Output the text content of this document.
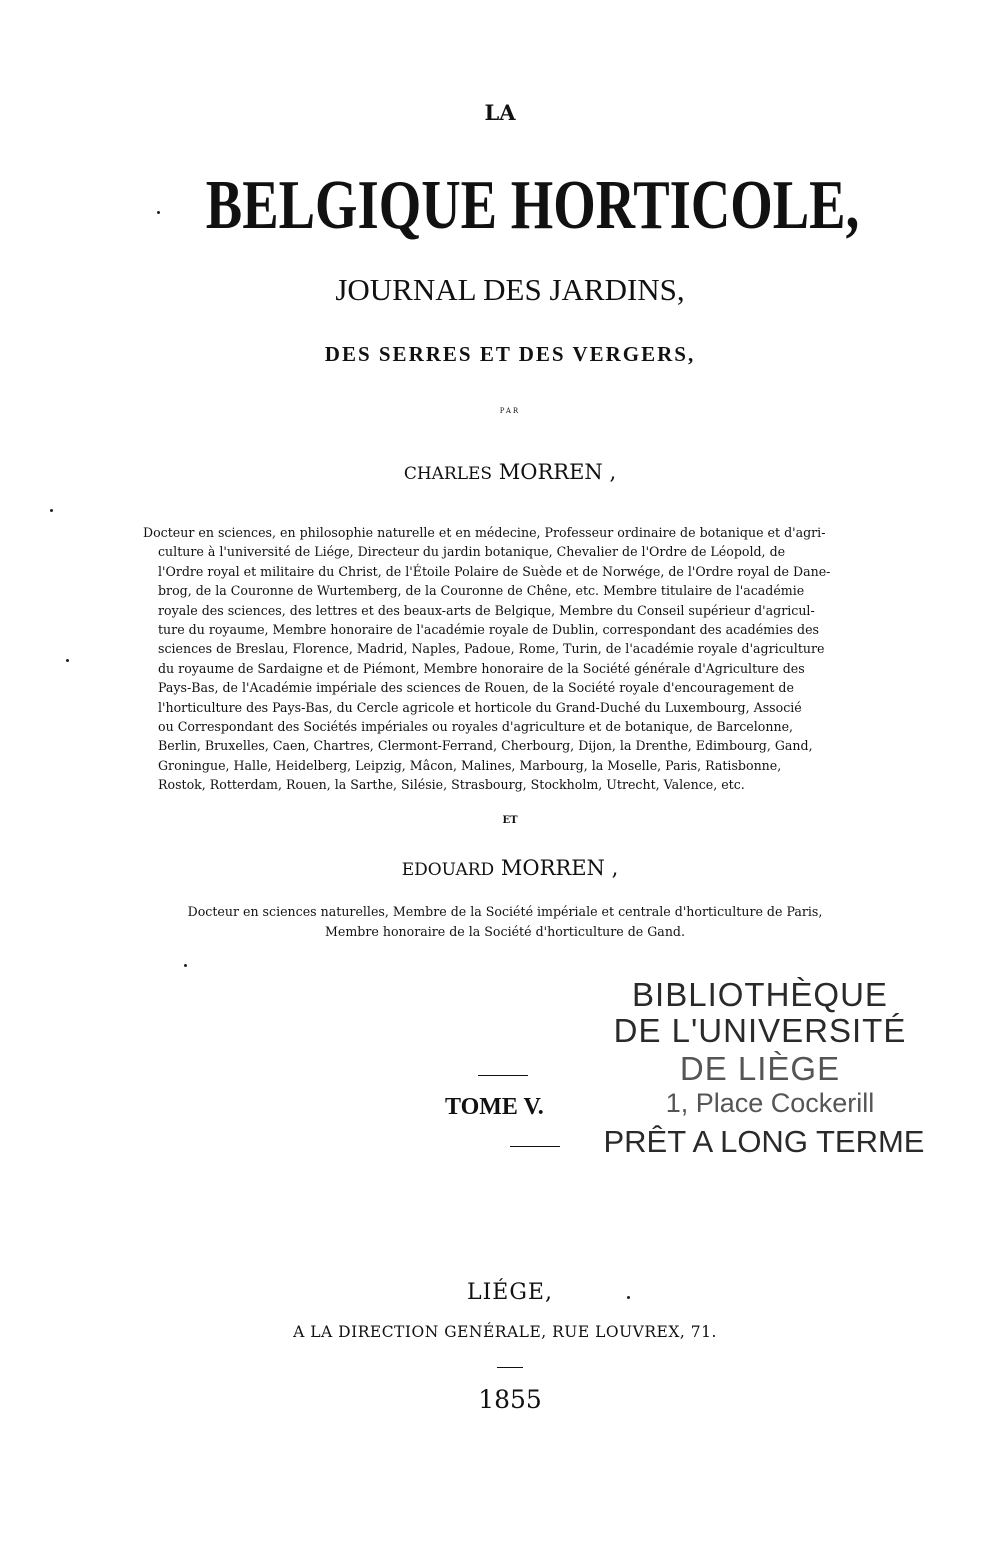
LA
BELGIQUE HORTICOLE,
JOURNAL DES JARDINS,
DES SERRES ET DES VERGERS,
PAR
CHARLES MORREN ,
Docteur en sciences, en philosophie naturelle et en médecine, Professeur ordinaire de botanique et d'agri-
culture à l'université de Liége, Directeur du jardin botanique, Chevalier de l'Ordre de Léopold, de
l'Ordre royal et militaire du Christ, de l'Étoile Polaire de Suède et de Norwége, de l'Ordre royal de Dane-
brog, de la Couronne de Wurtemberg, de la Couronne de Chêne, etc. Membre titulaire de l'académie
royale des sciences, des lettres et des beaux-arts de Belgique, Membre du Conseil supérieur d'agricul-
ture du royaume, Membre honoraire de l'académie royale de Dublin, correspondant des académies des
sciences de Breslau, Florence, Madrid, Naples, Padoue, Rome, Turin, de l'académie royale d'agriculture
du royaume de Sardaigne et de Piémont, Membre honoraire de la Société générale d'Agriculture des
Pays-Bas, de l'Académie impériale des sciences de Rouen, de la Société royale d'encouragement de
l'horticulture des Pays-Bas, du Cercle agricole et horticole du Grand-Duché du Luxembourg, Associé
ou Correspondant des Sociétés impériales ou royales d'agriculture et de botanique, de Barcelonne,
Berlin, Bruxelles, Caen, Chartres, Clermont-Ferrand, Cherbourg, Dijon, la Drenthe, Edimbourg, Gand,
Groningue, Halle, Heidelberg, Leipzig, Mâcon, Malines, Marbourg, la Moselle, Paris, Ratisbonne,
Rostok, Rotterdam, Rouen, la Sarthe, Silésie, Strasbourg, Stockholm, Utrecht, Valence, etc.
ET
EDOUARD MORREN ,
Docteur en sciences naturelles, Membre de la Société impériale et centrale d'horticulture de Paris,
Membre honoraire de la Société d'horticulture de Gand.
TOME V.
BIBLIOTHÈQUE
DE L'UNIVERSITÉ
DE LIÈGE
1, Place Cockerill
PRÊT A LONG TERME
LIÉGE,
A LA DIRECTION GENÉRALE, RUE LOUVREX, 71.
1855
